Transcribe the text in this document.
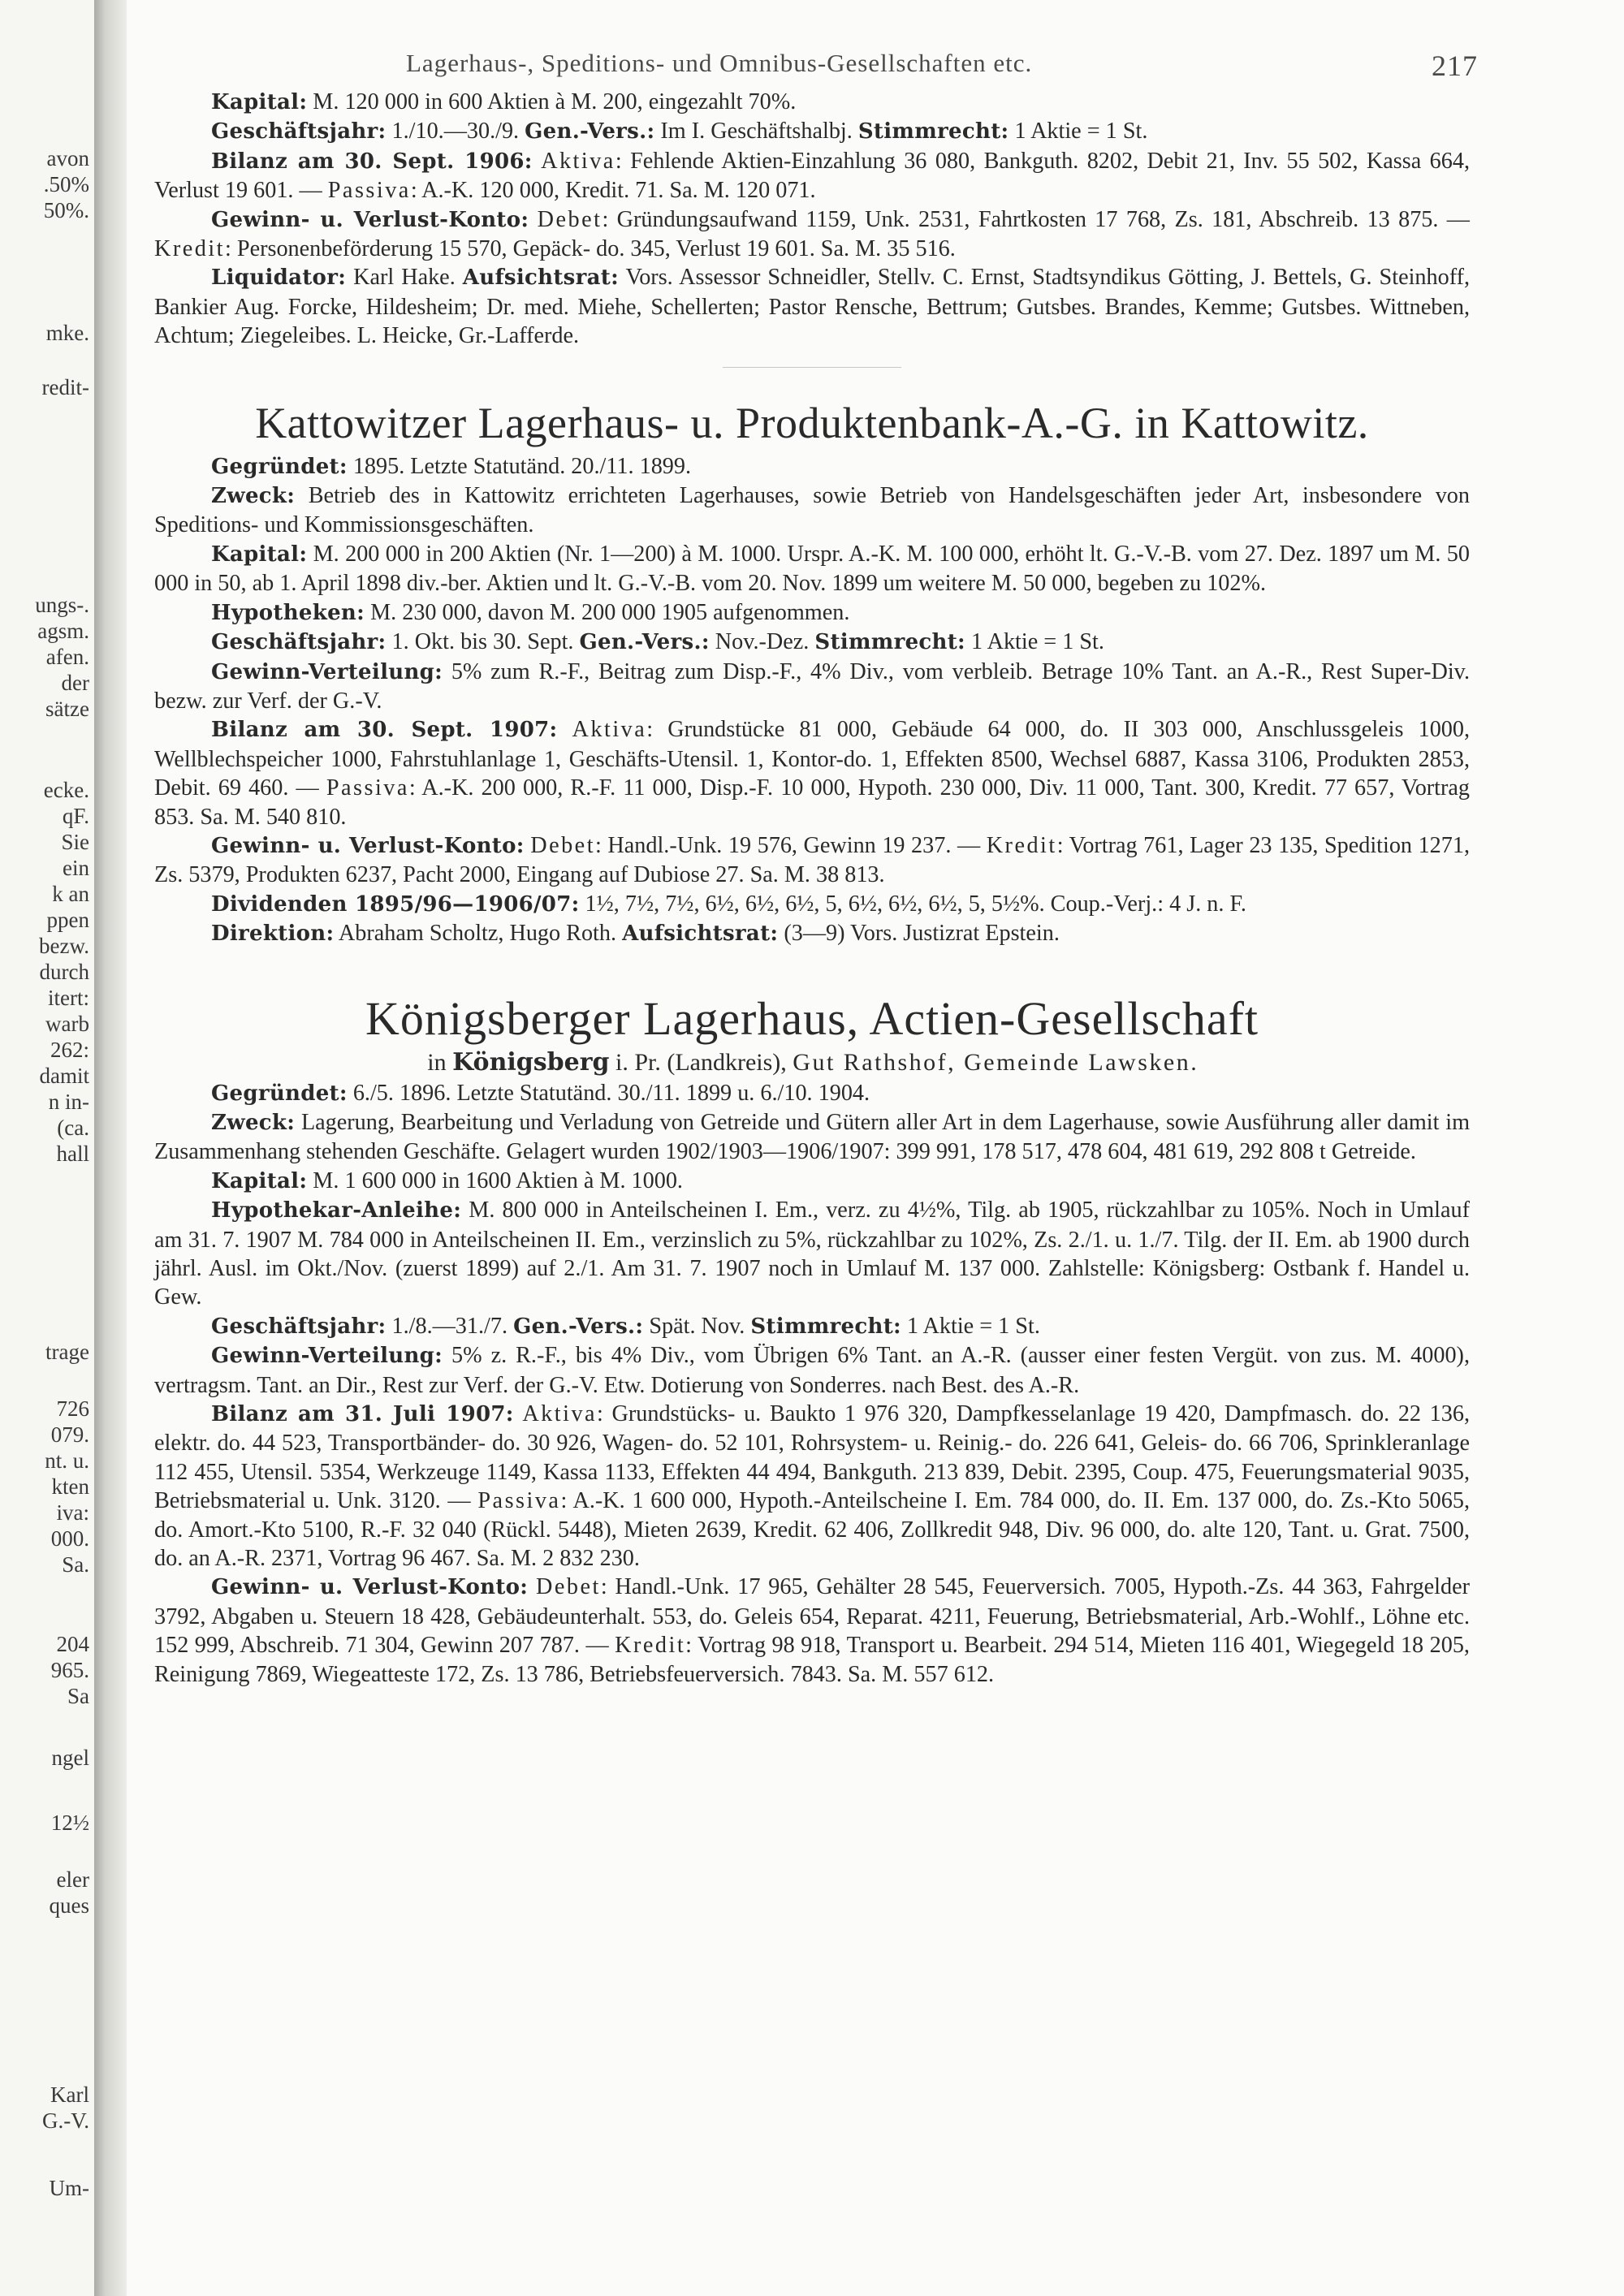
avon
.50%
50%.
mke.
redit-
ungs-.
agsm.
afen.
der
sätze
ecke.
qF.
Sie
ein
k an
ppen
bezw.
durch
itert:
warb
262:
damit
n in-
(ca.
hall
trage
726
079.
nt. u.
kten
iva:
000.
Sa.
204
965.
Sa
ngel
12½
eler
ques
Karl
G.-V.
Um-
Lagerhaus-, Speditions- und Omnibus-Gesellschaften etc.	217

Kapital: M. 120 000 in 600 Aktien à M. 200, eingezahlt 70%.

Geschäftsjahr: 1./10.—30./9. Gen.-Vers.: Im I. Geschäftshalbj. Stimmrecht: 1 Aktie = 1 St.

Bilanz am 30. Sept. 1906: Aktiva: Fehlende Aktien-Einzahlung 36 080, Bankguth. 8202, Debit 21, Inv. 55 502, Kassa 664, Verlust 19 601. — Passiva: A.-K. 120 000, Kredit. 71. Sa. M. 120 071.

Gewinn- u. Verlust-Konto: Debet: Gründungsaufwand 1159, Unk. 2531, Fahrtkosten 17 768, Zs. 181, Abschreib. 13 875. — Kredit: Personenbeförderung 15 570, Gepäck- do. 345, Verlust 19 601. Sa. M. 35 516.

Liquidator: Karl Hake. Aufsichtsrat: Vors. Assessor Schneidler, Stellv. C. Ernst, Stadtsyndikus Götting, J. Bettels, G. Steinhoff, Bankier Aug. Forcke, Hildesheim; Dr. med. Miehe, Schellerten; Pastor Rensche, Bettrum; Gutsbes. Brandes, Kemme; Gutsbes. Wittneben, Achtum; Ziegeleibes. L. Heicke, Gr.-Lafferde.

Kattowitzer Lagerhaus- u. Produktenbank-A.-G. in Kattowitz.

Gegründet: 1895. Letzte Statutänd. 20./11. 1899.

Zweck: Betrieb des in Kattowitz errichteten Lagerhauses, sowie Betrieb von Handelsgeschäften jeder Art, insbesondere von Speditions- und Kommissionsgeschäften.

Kapital: M. 200 000 in 200 Aktien (Nr. 1—200) à M. 1000. Urspr. A.-K. M. 100 000, erhöht lt. G.-V.-B. vom 27. Dez. 1897 um M. 50 000 in 50, ab 1. April 1898 div.-ber. Aktien und lt. G.-V.-B. vom 20. Nov. 1899 um weitere M. 50 000, begeben zu 102%.

Hypotheken: M. 230 000, davon M. 200 000 1905 aufgenommen.

Geschäftsjahr: 1. Okt. bis 30. Sept. Gen.-Vers.: Nov.-Dez. Stimmrecht: 1 Aktie = 1 St.

Gewinn-Verteilung: 5% zum R.-F., Beitrag zum Disp.-F., 4% Div., vom verbleib. Betrage 10% Tant. an A.-R., Rest Super-Div. bezw. zur Verf. der G.-V.

Bilanz am 30. Sept. 1907: Aktiva: Grundstücke 81 000, Gebäude 64 000, do. II 303 000, Anschlussgeleis 1000, Wellblechspeicher 1000, Fahrstuhlanlage 1, Geschäfts-Utensil. 1, Kontor-do. 1, Effekten 8500, Wechsel 6887, Kassa 3106, Produkten 2853, Debit. 69 460. — Passiva: A.-K. 200 000, R.-F. 11 000, Disp.-F. 10 000, Hypoth. 230 000, Div. 11 000, Tant. 300, Kredit. 77 657, Vortrag 853. Sa. M. 540 810.

Gewinn- u. Verlust-Konto: Debet: Handl.-Unk. 19 576, Gewinn 19 237. — Kredit: Vortrag 761, Lager 23 135, Spedition 1271, Zs. 5379, Produkten 6237, Pacht 2000, Eingang auf Dubiose 27. Sa. M. 38 813.

Dividenden 1895/96—1906/07: 1½, 7½, 7½, 6½, 6½, 6½, 5, 6½, 6½, 6½, 5, 5½%. Coup.-Verj.: 4 J. n. F.

Direktion: Abraham Scholtz, Hugo Roth. Aufsichtsrat: (3—9) Vors. Justizrat Epstein.

Königsberger Lagerhaus, Actien-Gesellschaft
in Königsberg i. Pr. (Landkreis), Gut Rathshof, Gemeinde Lawsken.

Gegründet: 6./5. 1896. Letzte Statutänd. 30./11. 1899 u. 6./10. 1904.

Zweck: Lagerung, Bearbeitung und Verladung von Getreide und Gütern aller Art in dem Lagerhause, sowie Ausführung aller damit im Zusammenhang stehenden Geschäfte. Gelagert wurden 1902/1903—1906/1907: 399 991, 178 517, 478 604, 481 619, 292 808 t Getreide.

Kapital: M. 1 600 000 in 1600 Aktien à M. 1000.

Hypothekar-Anleihe: M. 800 000 in Anteilscheinen I. Em., verz. zu 4½%, Tilg. ab 1905, rückzahlbar zu 105%. Noch in Umlauf am 31. 7. 1907 M. 784 000 in Anteilscheinen II. Em., verzinslich zu 5%, rückzahlbar zu 102%, Zs. 2./1. u. 1./7. Tilg. der II. Em. ab 1900 durch jährl. Ausl. im Okt./Nov. (zuerst 1899) auf 2./1. Am 31. 7. 1907 noch in Umlauf M. 137 000. Zahlstelle: Königsberg: Ostbank f. Handel u. Gew.

Geschäftsjahr: 1./8.—31./7. Gen.-Vers.: Spät. Nov. Stimmrecht: 1 Aktie = 1 St.

Gewinn-Verteilung: 5% z. R.-F., bis 4% Div., vom Übrigen 6% Tant. an A.-R. (ausser einer festen Vergüt. von zus. M. 4000), vertragsm. Tant. an Dir., Rest zur Verf. der G.-V. Etw. Dotierung von Sonderres. nach Best. des A.-R.

Bilanz am 31. Juli 1907: Aktiva: Grundstücks- u. Baukto 1 976 320, Dampfkesselanlage 19 420, Dampfmasch. do. 22 136, elektr. do. 44 523, Transportbänder- do. 30 926, Wagen- do. 52 101, Rohrsystem- u. Reinig.- do. 226 641, Geleis- do. 66 706, Sprinkleranlage 112 455, Utensil. 5354, Werkzeuge 1149, Kassa 1133, Effekten 44 494, Bankguth. 213 839, Debit. 2395, Coup. 475, Feuerungsmaterial 9035, Betriebsmaterial u. Unk. 3120. — Passiva: A.-K. 1 600 000, Hypoth.-Anteilscheine I. Em. 784 000, do. II. Em. 137 000, do. Zs.-Kto 5065, do. Amort.-Kto 5100, R.-F. 32 040 (Rückl. 5448), Mieten 2639, Kredit. 62 406, Zollkredit 948, Div. 96 000, do. alte 120, Tant. u. Grat. 7500, do. an A.-R. 2371, Vortrag 96 467. Sa. M. 2 832 230.

Gewinn- u. Verlust-Konto: Debet: Handl.-Unk. 17 965, Gehälter 28 545, Feuerversich. 7005, Hypoth.-Zs. 44 363, Fahrgelder 3792, Abgaben u. Steuern 18 428, Gebäudeunterhalt. 553, do. Geleis 654, Reparat. 4211, Feuerung, Betriebsmaterial, Arb.-Wohlf., Löhne etc. 152 999, Abschreib. 71 304, Gewinn 207 787. — Kredit: Vortrag 98 918, Transport u. Bearbeit. 294 514, Mieten 116 401, Wiegegeld 18 205, Reinigung 7869, Wiegeatteste 172, Zs. 13 786, Betriebsfeuerversich. 7843. Sa. M. 557 612.
